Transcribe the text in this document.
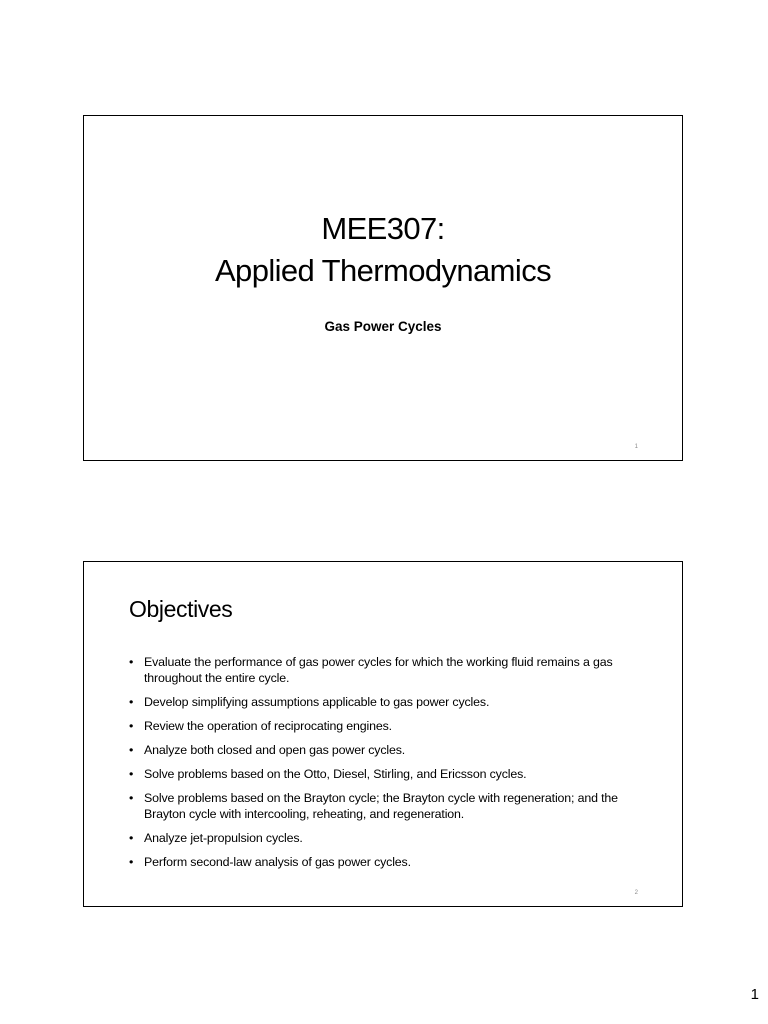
MEE307:
Applied Thermodynamics
Gas Power Cycles
1
Objectives
• Evaluate the performance of gas power cycles for which the working fluid remains a gas throughout the entire cycle.
• Develop simplifying assumptions applicable to gas power cycles.
• Review the operation of reciprocating engines.
• Analyze both closed and open gas power cycles.
• Solve problems based on the Otto, Diesel, Stirling, and Ericsson cycles.
• Solve problems based on the Brayton cycle; the Brayton cycle with regeneration; and the Brayton cycle with intercooling, reheating, and regeneration.
• Analyze jet-propulsion cycles.
• Perform second-law analysis of gas power cycles.
2
1
